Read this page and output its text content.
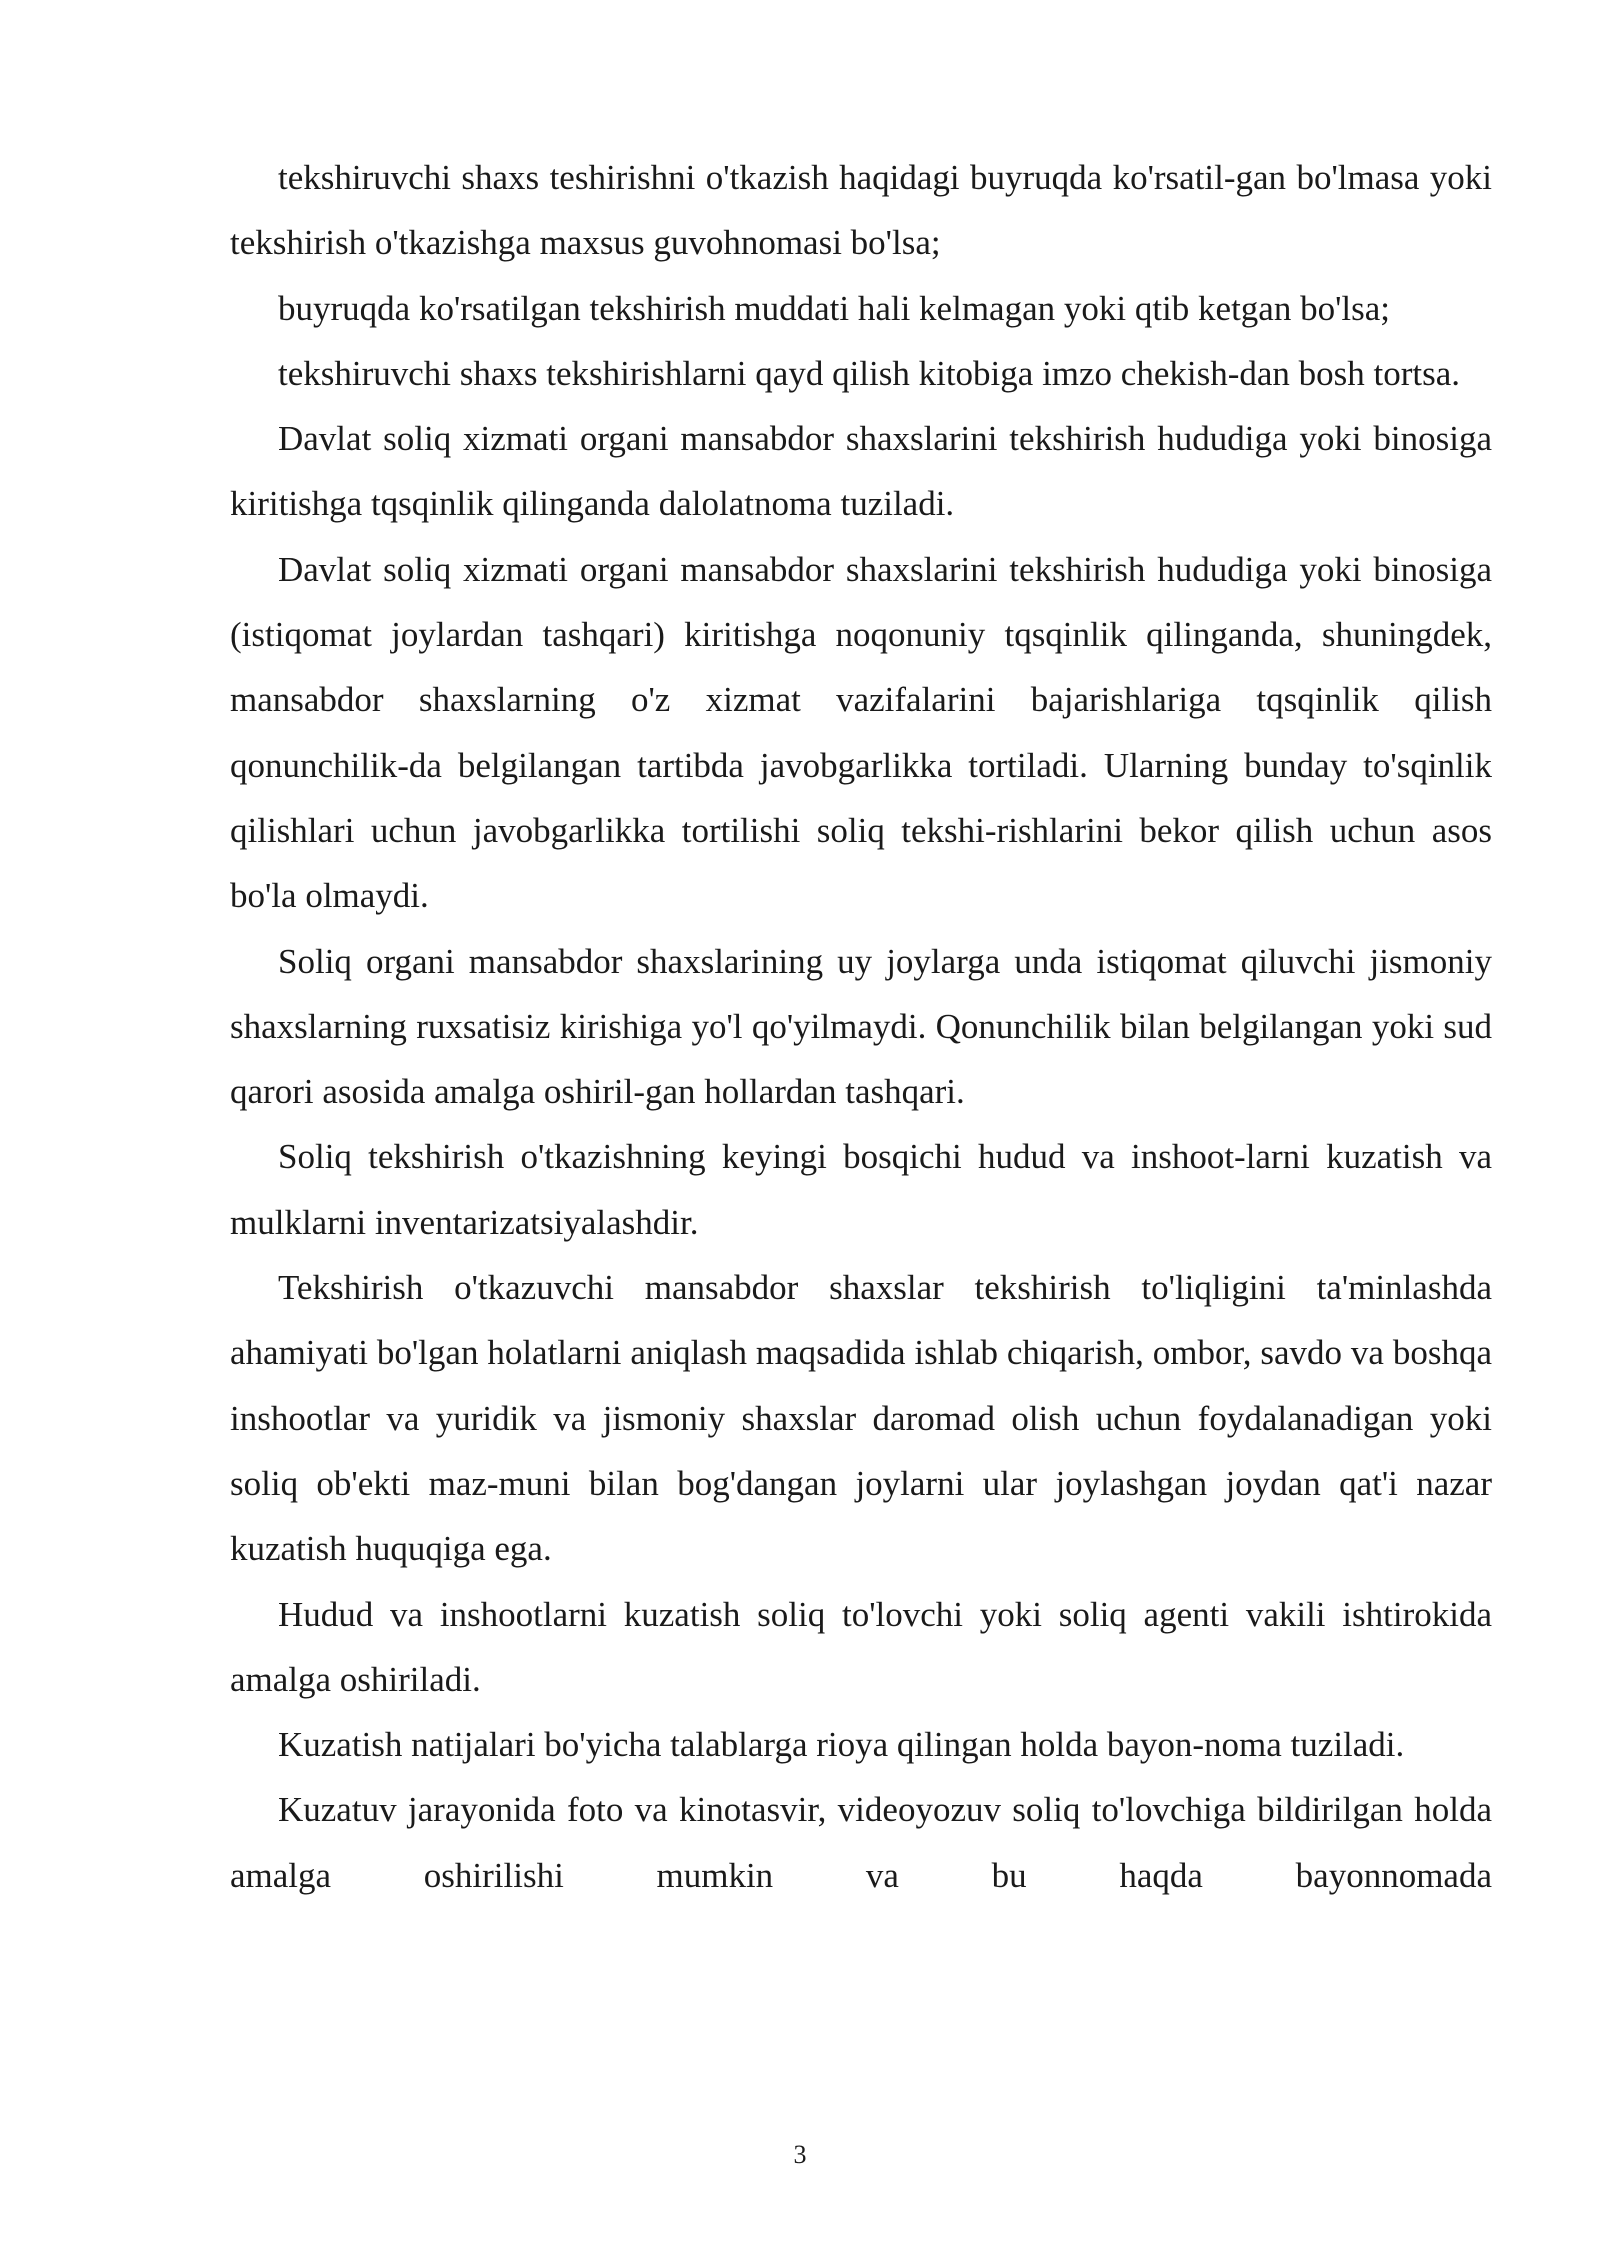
tekshiruvchi shaxs teshirishni o'tkazish haqidagi buyruqda ko'rsatil-gan bo'lmasa yoki tekshirish o'tkazishga maxsus guvohnomasi bo'lsa;

buyruqda ko'rsatilgan tekshirish muddati hali kelmagan yoki qtib ketgan bo'lsa;

tekshiruvchi shaxs tekshirishlarni qayd qilish kitobiga imzo chekish-dan bosh tortsa.

Davlat soliq xizmati organi mansabdor shaxslarini tekshirish hududiga yoki binosiga kiritishga tqsqinlik qilinganda dalolatnoma tuziladi.

Davlat soliq xizmati organi mansabdor shaxslarini tekshirish hududiga yoki binosiga (istiqomat joylardan tashqari) kiritishga noqonuniy tqsqinlik qilinganda, shuningdek, mansabdor shaxslarning o'z xizmat vazifalarini bajarishlariga tqsqinlik qilish qonunchilik-da belgilangan tartibda javobgarlikka tortiladi. Ularning bunday to'sqinlik qilishlari uchun javobgarlikka tortilishi soliq tekshi-rishlarini bekor qilish uchun asos bo'la olmaydi.

Soliq organi mansabdor shaxslarining uy joylarga unda istiqomat qiluvchi jismoniy shaxslarning ruxsatisiz kirishiga yo'l qo'yilmaydi. Qonunchilik bilan belgilangan yoki sud qarori asosida amalga oshiril-gan hollardan tashqari.

Soliq tekshirish o'tkazishning keyingi bosqichi hudud va inshoot-larni kuzatish va mulklarni inventarizatsiyalashdir.

Tekshirish o'tkazuvchi mansabdor shaxslar tekshirish to'liqligini ta'minlashda ahamiyati bo'lgan holatlarni aniqlash maqsadida ishlab chiqarish, ombor, savdo va boshqa inshootlar va yuridik va jismoniy shaxslar daromad olish uchun foydalanadigan yoki soliq ob'ekti maz-muni bilan bog'dangan joylarni ular joylashgan joydan qat'i nazar kuzatish huquqiga ega.

Hudud va inshootlarni kuzatish soliq to'lovchi yoki soliq agenti vakili ishtirokida amalga oshiriladi.

Kuzatish natijalari bo'yicha talablarga rioya qilingan holda bayon-noma tuziladi.

Kuzatuv jarayonida foto va kinotasvir, videoyozuv soliq to'lovchiga bildirilgan holda amalga oshirilishi mumkin va bu haqda bayonnomada

3
